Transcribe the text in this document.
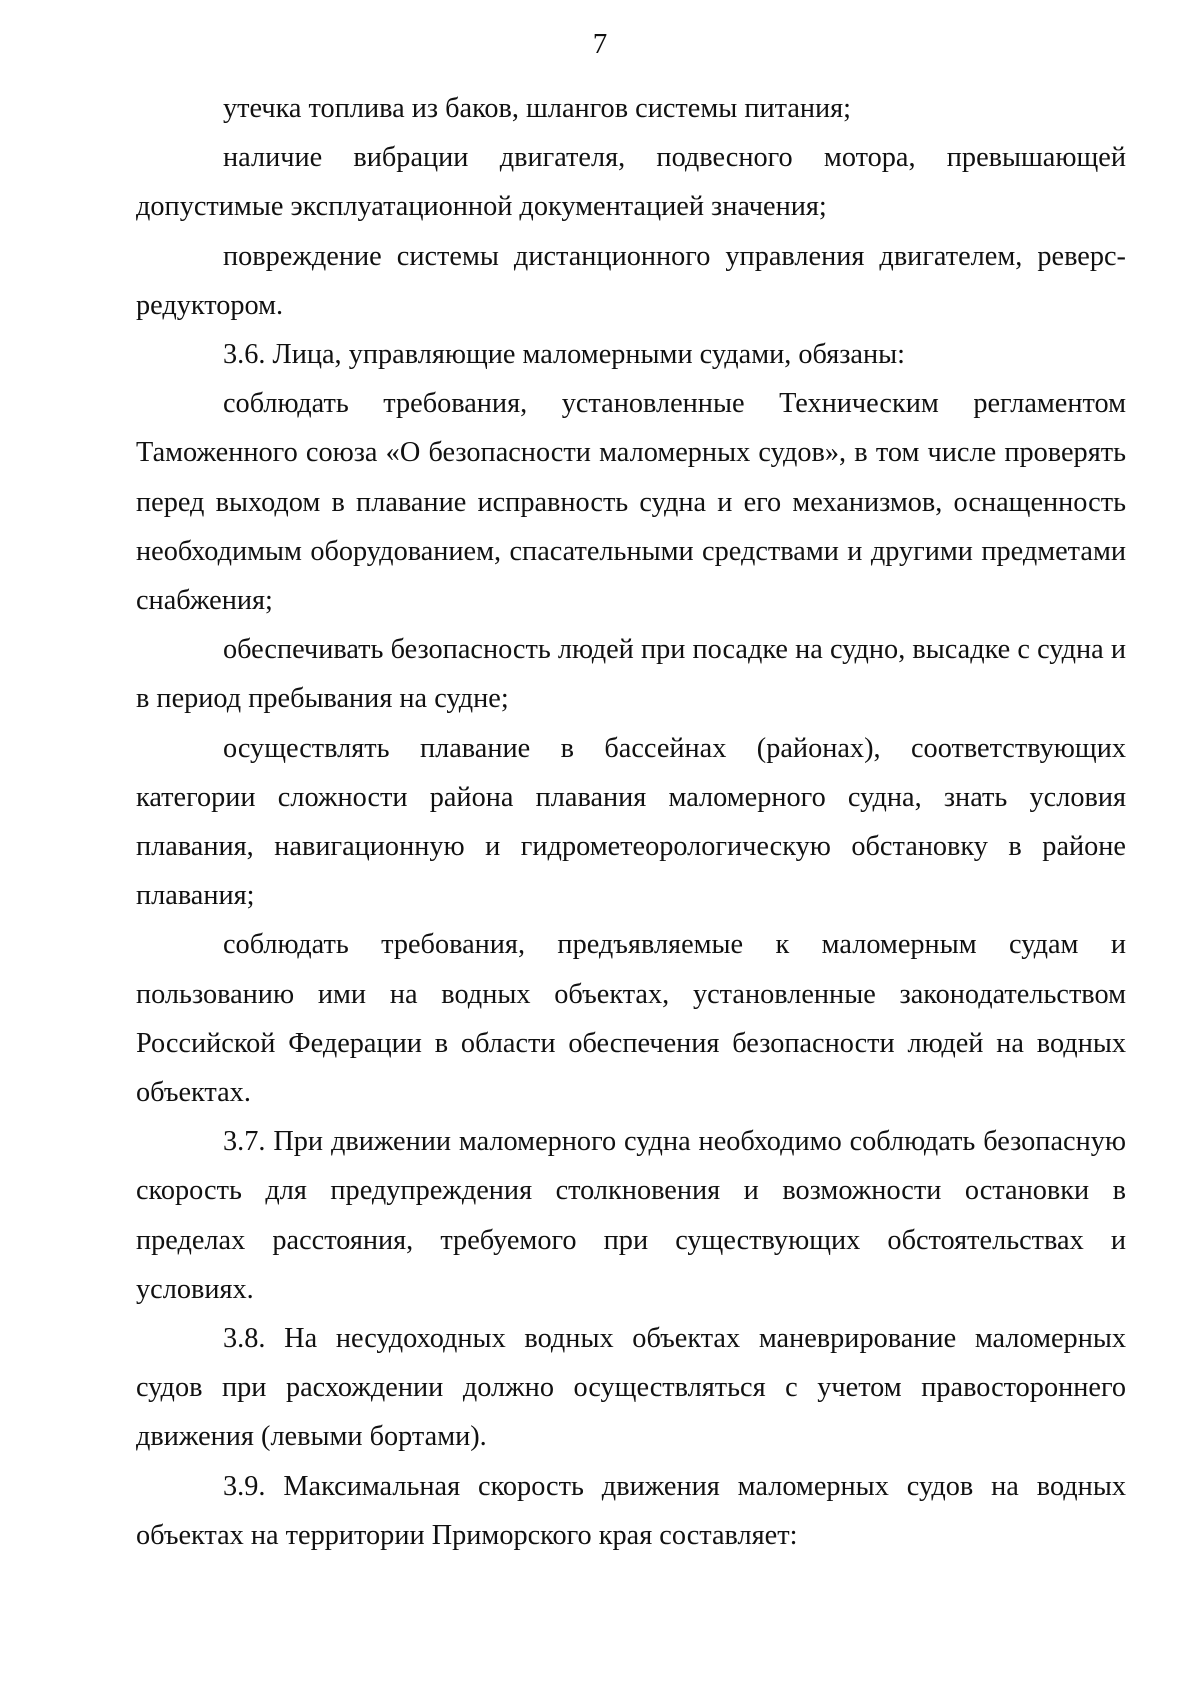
7

утечка топлива из баков, шлангов системы питания;

наличие вибрации двигателя, подвесного мотора, превышающей допустимые эксплуатационной документацией значения;

повреждение системы дистанционного управления двигателем, реверс-редуктором.

3.6. Лица, управляющие маломерными судами, обязаны:

соблюдать требования, установленные Техническим регламентом Таможенного союза «О безопасности маломерных судов», в том числе проверять перед выходом в плавание исправность судна и его механизмов, оснащенность необходимым оборудованием, спасательными средствами и другими предметами снабжения;

обеспечивать безопасность людей при посадке на судно, высадке с судна и в период пребывания на судне;

осуществлять плавание в бассейнах (районах), соответствующих категории сложности района плавания маломерного судна, знать условия плавания, навигационную и гидрометеорологическую обстановку в районе плавания;

соблюдать требования, предъявляемые к маломерным судам и пользованию ими на водных объектах, установленные законодательством Российской Федерации в области обеспечения безопасности людей на водных объектах.

3.7. При движении маломерного судна необходимо соблюдать безопасную скорость для предупреждения столкновения и возможности остановки в пределах расстояния, требуемого при существующих обстоятельствах и условиях.

3.8. На несудоходных водных объектах маневрирование маломерных судов при расхождении должно осуществляться с учетом правостороннего движения (левыми бортами).

3.9. Максимальная скорость движения маломерных судов на водных объектах на территории Приморского края составляет:
